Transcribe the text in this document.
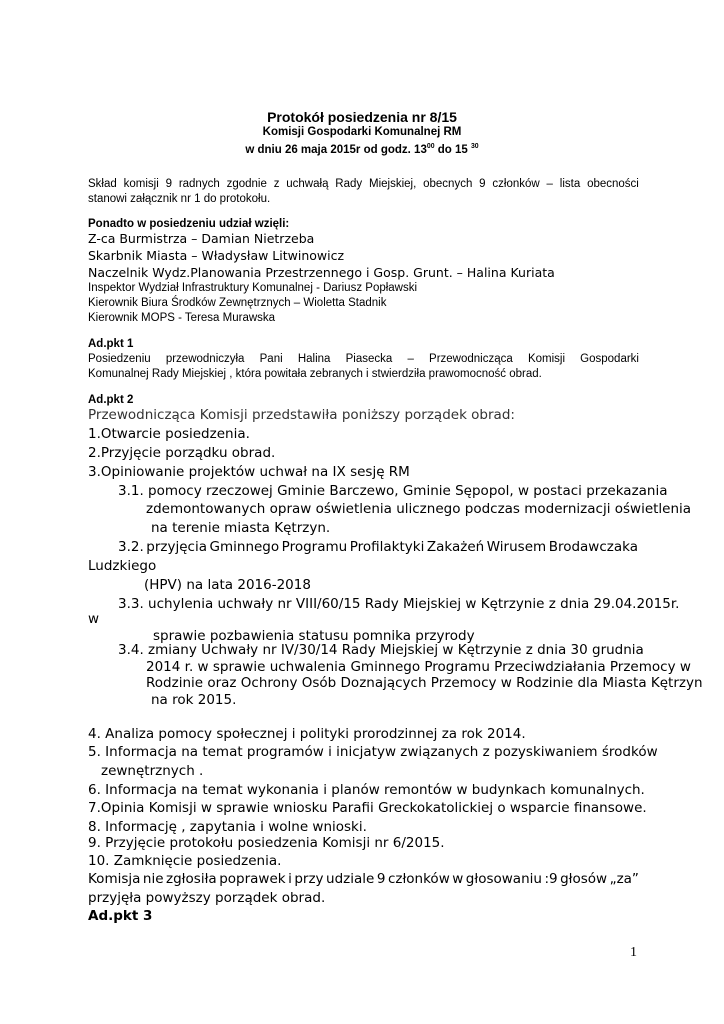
Protokół posiedzenia nr 8/15
Komisji Gospodarki Komunalnej RM
w dniu 26 maja 2015r od godz. $13^{00}$ do 15 $^{30}$
Skład komisji 9 radnych zgodnie z uchwałą Rady Miejskiej, obecnych 9 członków – lista obecności
stanowi załącznik nr 1 do protokołu.
Ponadto w posiedzeniu udział wzięli:
Z-ca Burmistrza – Damian Nietrzeba
Skarbnik Miasta – Władysław Litwinowicz
Naczelnik Wydz.Planowania Przestrzennego i Gosp. Grunt. – Halina Kuriata
Inspektor Wydział Infrastruktury Komunalnej - Dariusz Popławski
Kierownik Biura Środków Zewnętrznych – Wioletta Stadnik
Kierownik MOPS - Teresa Murawska
Ad.pkt 1
Posiedzeniu przewodniczyła Pani Halina Piasecka – Przewodnicząca Komisji Gospodarki
Komunalnej Rady Miejskiej , która powitała zebranych i stwierdziła prawomocność obrad.
Ad.pkt 2
Przewodnicząca Komisji przedstawiła poniższy porządek obrad:
1.Otwarcie posiedzenia.
2.Przyjęcie porządku obrad.
3.Opiniowanie projektów uchwał na IX sesję RM
3.1. pomocy rzeczowej Gminie Barczewo, Gminie Sępopol, w postaci przekazania
zdemontowanych opraw oświetlenia ulicznego podczas modernizacji oświetlenia
na terenie miasta Kętrzyn.
3.2. przyjęcia Gminnego Programu Profilaktyki Zakażeń Wirusem Brodawczaka
Ludzkiego
(HPV) na lata 2016-2018
3.3. uchylenia uchwały nr VIII/60/15 Rady Miejskiej w Kętrzynie z dnia 29.04.2015r.
w
sprawie pozbawienia statusu pomnika przyrody
3.4. zmiany Uchwały nr IV/30/14 Rady Miejskiej w Kętrzynie z dnia 30 grudnia
2014 r. w sprawie uchwalenia Gminnego Programu Przeciwdziałania Przemocy w
Rodzinie oraz Ochrony Osób Doznających Przemocy w Rodzinie dla Miasta Kętrzyn
na rok 2015.
4. Analiza pomocy społecznej i polityki prorodzinnej za rok 2014.
5. Informacja na temat programów i inicjatyw związanych z pozyskiwaniem środków
zewnętrznych .
6. Informacja na temat wykonania i planów remontów w budynkach komunalnych.
7.Opinia Komisji w sprawie wniosku Parafii Greckokatolickiej o wsparcie finansowe.
8. Informację , zapytania i wolne wnioski.
9. Przyjęcie protokołu posiedzenia Komisji nr 6/2015.
10. Zamknięcie posiedzenia.
Komisja nie zgłosiła poprawek i przy udziale 9 członków w głosowaniu :9 głosów „za”
przyjęła powyższy porządek obrad.
Ad.pkt 3
1
